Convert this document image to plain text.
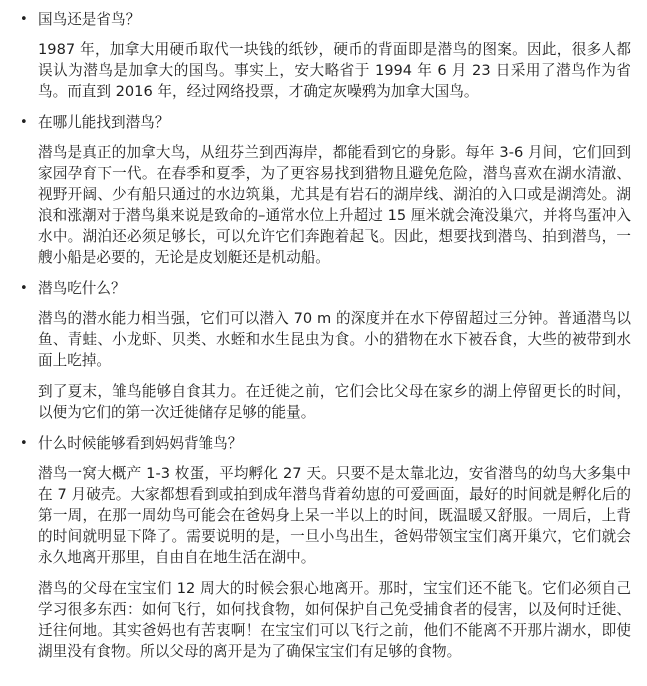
• 国鸟还是省鸟？

1987 年，加拿大用硬币取代一块钱的纸钞，硬币的背面即是潜鸟的图案。因此，很多人都误认为潜鸟是加拿大的国鸟。事实上，安大略省于 1994 年 6 月 23 日采用了潜鸟作为省鸟。而直到 2016 年，经过网络投票，才确定灰噪鸦为加拿大国鸟。

• 在哪儿能找到潜鸟？

潜鸟是真正的加拿大鸟，从纽芬兰到西海岸，都能看到它的身影。每年 3-6 月间，它们回到家园孕育下一代。在春季和夏季，为了更容易找到猎物且避免危险，潜鸟喜欢在湖水清澈、视野开阔、少有船只通过的水边筑巢，尤其是有岩石的湖岸线、湖泊的入口或是湖湾处。湖浪和涨潮对于潜鸟巢来说是致命的–通常水位上升超过 15 厘米就会淹没巢穴，并将鸟蛋冲入水中。湖泊还必须足够长，可以允许它们奔跑着起飞。因此，想要找到潜鸟、拍到潜鸟，一艘小船是必要的，无论是皮划艇还是机动船。

• 潜鸟吃什么？

潜鸟的潜水能力相当强，它们可以潜入 70 m 的深度并在水下停留超过三分钟。普通潜鸟以鱼、青蛙、小龙虾、贝类、水蛭和水生昆虫为食。小的猎物在水下被吞食，大些的被带到水面上吃掉。

到了夏末，雏鸟能够自食其力。在迁徙之前，它们会比父母在家乡的湖上停留更长的时间，以便为它们的第一次迁徙储存足够的能量。

• 什么时候能够看到妈妈背雏鸟？

潜鸟一窝大概产 1-3 枚蛋，平均孵化 27 天。只要不是太靠北边，安省潜鸟的幼鸟大多集中在 7 月破壳。大家都想看到或拍到成年潜鸟背着幼崽的可爱画面，最好的时间就是孵化后的第一周，在那一周幼鸟可能会在爸妈身上呆一半以上的时间，既温暖又舒服。一周后，上背的时间就明显下降了。需要说明的是，一旦小鸟出生，爸妈带领宝宝们离开巢穴，它们就会永久地离开那里，自由自在地生活在湖中。

潜鸟的父母在宝宝们 12 周大的时候会狠心地离开。那时，宝宝们还不能飞。它们必须自己学习很多东西：如何飞行，如何找食物，如何保护自己免受捕食者的侵害，以及何时迁徙、迁往何地。其实爸妈也有苦衷啊！在宝宝们可以飞行之前，他们不能离不开那片湖水，即使湖里没有食物。所以父母的离开是为了确保宝宝们有足够的食物。
